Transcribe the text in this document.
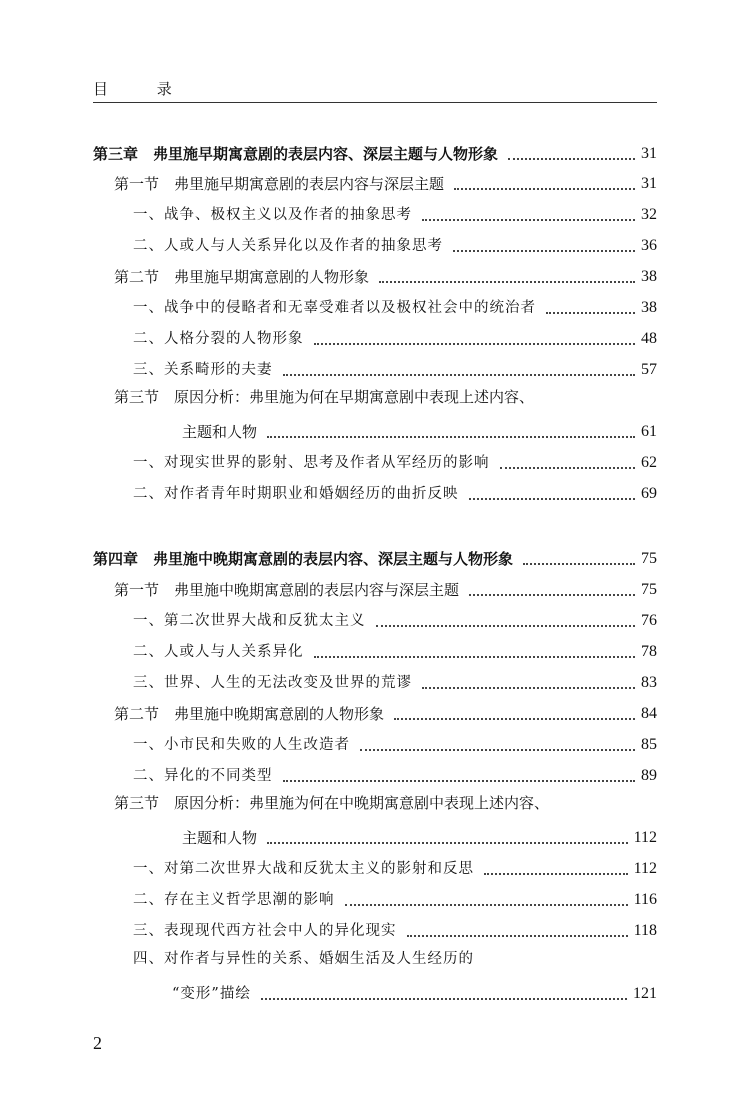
目 录
第三章　弗里施早期寓意剧的表层内容、深层主题与人物形象	31
第一节　弗里施早期寓意剧的表层内容与深层主题	31
一、战争、极权主义以及作者的抽象思考	32
二、人或人与人关系异化以及作者的抽象思考	36
第二节　弗里施早期寓意剧的人物形象	38
一、战争中的侵略者和无辜受难者以及极权社会中的统治者	38
二、人格分裂的人物形象	48
三、关系畸形的夫妻	57
第三节　原因分析：弗里施为何在早期寓意剧中表现上述内容、
主题和人物	61
一、对现实世界的影射、思考及作者从军经历的影响	62
二、对作者青年时期职业和婚姻经历的曲折反映	69
第四章　弗里施中晚期寓意剧的表层内容、深层主题与人物形象	75
第一节　弗里施中晚期寓意剧的表层内容与深层主题	75
一、第二次世界大战和反犹太主义	76
二、人或人与人关系异化	78
三、世界、人生的无法改变及世界的荒谬	83
第二节　弗里施中晚期寓意剧的人物形象	84
一、小市民和失败的人生改造者	85
二、异化的不同类型	89
第三节　原因分析：弗里施为何在中晚期寓意剧中表现上述内容、
主题和人物	112
一、对第二次世界大战和反犹太主义的影射和反思	112
二、存在主义哲学思潮的影响	116
三、表现现代西方社会中人的异化现实	118
四、对作者与异性的关系、婚姻生活及人生经历的
“变形”描绘	121
2
